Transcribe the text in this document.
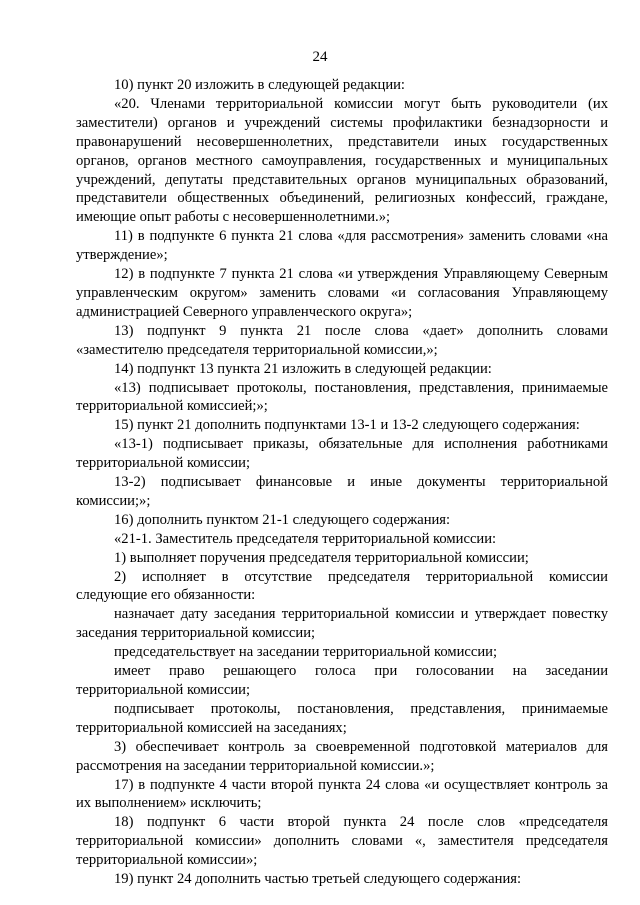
24

10) пункт 20 изложить в следующей редакции:

«20. Членами территориальной комиссии могут быть руководители (их заместители) органов и учреждений системы профилактики безнадзорности и правонарушений несовершеннолетних, представители иных государственных органов, органов местного самоуправления, государственных и муниципальных учреждений, депутаты представительных органов муниципальных образований, представители общественных объединений, религиозных конфессий, граждане, имеющие опыт работы с несовершеннолетними.»;

11) в подпункте 6 пункта 21 слова «для рассмотрения» заменить словами «на утверждение»;

12) в подпункте 7 пункта 21 слова «и утверждения Управляющему Северным управленческим округом» заменить словами «и согласования Управляющему администрацией Северного управленческого округа»;

13) подпункт 9 пункта 21 после слова «дает» дополнить словами «заместителю председателя территориальной комиссии,»;

14) подпункт 13 пункта 21 изложить в следующей редакции:

«13) подписывает протоколы, постановления, представления, принимаемые территориальной комиссией;»;

15) пункт 21 дополнить подпунктами 13-1 и 13-2 следующего содержания:

«13-1) подписывает приказы, обязательные для исполнения работниками территориальной комиссии;

13-2) подписывает финансовые и иные документы территориальной комиссии;»;

16) дополнить пунктом 21-1 следующего содержания:

«21-1. Заместитель председателя территориальной комиссии:

1) выполняет поручения председателя территориальной комиссии;

2) исполняет в отсутствие председателя территориальной комиссии следующие его обязанности:

назначает дату заседания территориальной комиссии и утверждает повестку заседания территориальной комиссии;

председательствует на заседании территориальной комиссии;

имеет право решающего голоса при голосовании на заседании территориальной комиссии;

подписывает протоколы, постановления, представления, принимаемые территориальной комиссией на заседаниях;

3) обеспечивает контроль за своевременной подготовкой материалов для рассмотрения на заседании территориальной комиссии.»;

17) в подпункте 4 части второй пункта 24 слова «и осуществляет контроль за их выполнением» исключить;

18) подпункт 6 части второй пункта 24 после слов «председателя территориальной комиссии» дополнить словами «, заместителя председателя территориальной комиссии»;

19) пункт 24 дополнить частью третьей следующего содержания:
